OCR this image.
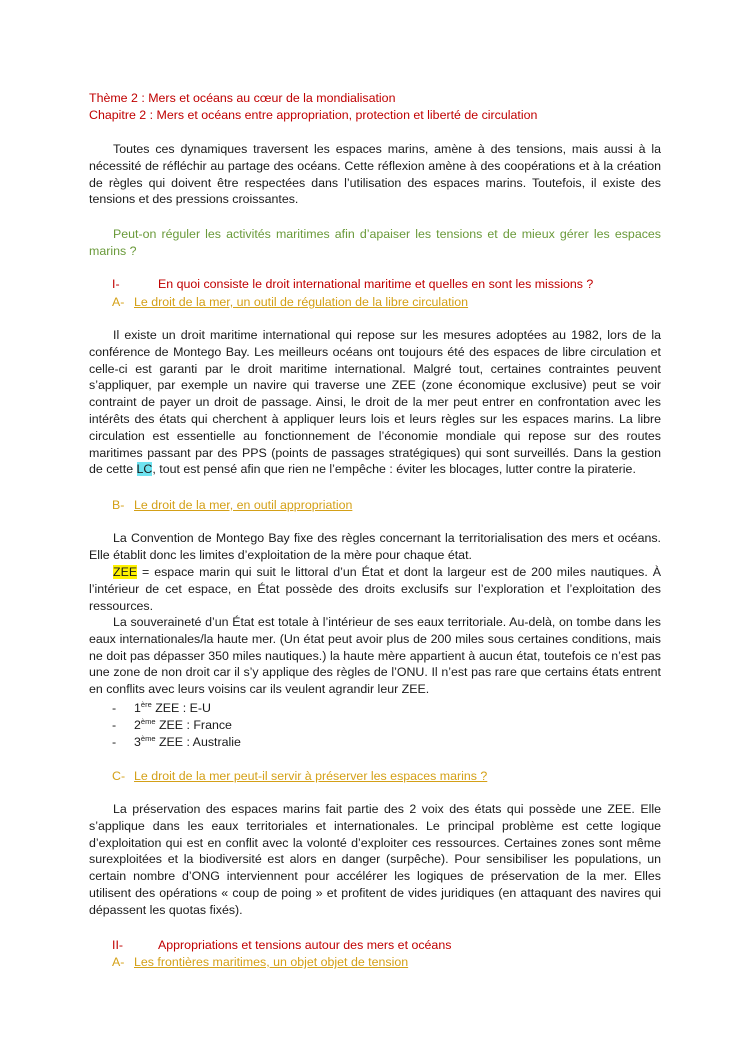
Thème 2 : Mers et océans au cœur de la mondialisation
Chapitre 2 : Mers et océans entre appropriation, protection et liberté de circulation

Toutes ces dynamiques traversent les espaces marins, amène à des tensions, mais aussi à la nécessité de réfléchir au partage des océans. Cette réflexion amène à des coopérations et à la création de règles qui doivent être respectées dans l’utilisation des espaces marins. Toutefois, il existe des tensions et des pressions croissantes.

Peut-on réguler les activités maritimes afin d’apaiser les tensions et de mieux gérer les espaces marins ?

I-	En quoi consiste le droit international maritime et quelles en sont les missions ?
A- Le droit de la mer, un outil de régulation de la libre circulation

Il existe un droit maritime international qui repose sur les mesures adoptées au 1982, lors de la conférence de Montego Bay. Les meilleurs océans ont toujours été des espaces de libre circulation et celle-ci est garanti par le droit maritime international. Malgré tout, certaines contraintes peuvent s’appliquer, par exemple un navire qui traverse une ZEE (zone économique exclusive) peut se voir contraint de payer un droit de passage. Ainsi, le droit de la mer peut entrer en confrontation avec les intérêts des états qui cherchent à appliquer leurs lois et leurs règles sur les espaces marins. La libre circulation est essentielle au fonctionnement de l’économie mondiale qui repose sur des routes maritimes passant par des PPS (points de passages stratégiques) qui sont surveillés. Dans la gestion de cette LC, tout est pensé afin que rien ne l’empêche : éviter les blocages, lutter contre la piraterie.

B- Le droit de la mer, en outil appropriation

La Convention de Montego Bay fixe des règles concernant la territorialisation des mers et océans. Elle établit donc les limites d’exploitation de la mère pour chaque état.

ZEE = espace marin qui suit le littoral d’un État et dont la largeur est de 200 miles nautiques. À l’intérieur de cet espace, en État possède des droits exclusifs sur l’exploration et l’exploitation des ressources.

La souveraineté d’un État est totale à l’intérieur de ses eaux territoriale. Au-delà, on tombe dans les eaux internationales/la haute mer. (Un état peut avoir plus de 200 miles sous certaines conditions, mais ne doit pas dépasser 350 miles nautiques.) la haute mère appartient à aucun état, toutefois ce n’est pas une zone de non droit car il s’y applique des règles de l’ONU. Il n’est pas rare que certains états entrent en conflits avec leurs voisins car ils veulent agrandir leur ZEE.

- 1ère ZEE : E-U
- 2ème ZEE : France
- 3ème ZEE : Australie
C- Le droit de la mer peut-il servir à préserver les espaces marins ?

La préservation des espaces marins fait partie des 2 voix des états qui possède une ZEE. Elle s’applique dans les eaux territoriales et internationales. Le principal problème est cette logique d’exploitation qui est en conflit avec la volonté d’exploiter ces ressources. Certaines zones sont même surexploitées et la biodiversité est alors en danger (surpêche). Pour sensibiliser les populations, un certain nombre d’ONG interviennent pour accélérer les logiques de préservation de la mer. Elles utilisent des opérations « coup de poing » et profitent de vides juridiques (en attaquant des navires qui dépassent les quotas fixés).

II-	Appropriations et tensions autour des mers et océans
A- Les frontières maritimes, un objet objet de tension
